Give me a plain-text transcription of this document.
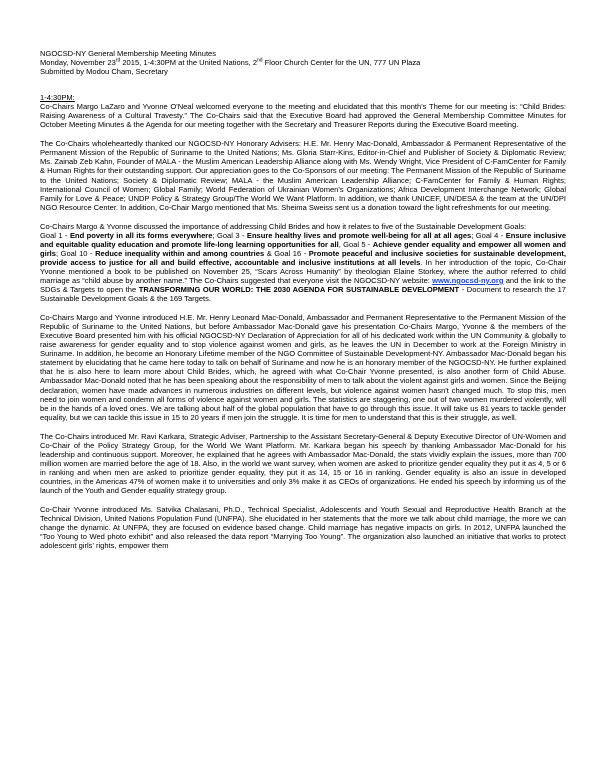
NGOCSD-NY General Membership Meeting Minutes
Monday, November 23rd 2015, 1-4:30PM at the United Nations, 2nd Floor Church Center for the UN, 777 UN Plaza
Submitted by Modou Cham, Secretary
1-4:30PM:

Co-Chairs Margo LaZaro and Yvonne O'Neal welcomed everyone to the meeting and elucidated that this month's Theme for our meeting is: “Child Brides: Raising Awareness of a Cultural Travesty.” The Co-Chairs said that the Executive Board had approved the General Membership Committee Minutes for October Meeting Minutes & the Agenda for our meeting together with the Secretary and Treasurer Reports during the Executive Board meeting.

The Co-Chairs wholeheartedly thanked our NGOCSD-NY Honorary Advisers: H.E. Mr. Henry Mac-Donald, Ambassador & Permanent Representative of the Permanent Mission of the Republic of Suriname to the United Nations; Ms. Gloria Starr-Kins, Editor-in-Chief and Publisher of Society & Diplomatic Review; Ms. Zainab Zeb Kahn, Founder of MALA - the Muslim American Leadership Alliance along with Ms. Wendy Wright, Vice President of C-FamCenter for Family & Human Rights for their outstanding support. Our appreciation goes to the Co-Sponsors of our meeting: The Permanent Mission of the Republic of Suriname to the United Nations; Society & Diplomatic Review; MALA - the Muslim American Leadership Alliance; C-FamCenter for Family & Human Rights; International Council of Women; Global Family; World Federation of Ukrainian Women's Organizations; Africa Development Interchange Network; Global Family for Love & Peace; UNDP Policy & Strategy Group/The World We Want Platform. In addition, we thank UNICEF, UN/DESA & the team at the UN/DPI NGO Resource Center. In addition, Co-Chair Margo mentioned that Ms. Sheima Sweiss sent us a donation toward the light refreshments for our meeting.

Co-Chairs Margo & Yvonne discussed the importance of addressing Child Brides and how it relates to five of the Sustainable Development Goals:
Goal 1 - End poverty in all its forms everywhere; Goal 3 - Ensure healthy lives and promote well-being for all at all ages; Goal 4 - Ensure inclusive and equitable quality education and promote life-long learning opportunities for all, Goal 5 - Achieve gender equality and empower all women and girls; Goal 10 - Reduce inequality within and among countries & Goal 16 - Promote peaceful and inclusive societies for sustainable development, provide access to justice for all and build effective, accountable and inclusive institutions at all levels. In her introduction of the topic, Co-Chair Yvonne mentioned a book to be published on November 25, “Scars Across Humanity” by theologian Elaine Storkey, where the author referred to child marriage as “child abuse by another name.” The Co-Chairs suggested that everyone visit the NGOCSD-NY website: www.ngocsd-ny.org and the link to the SDGs & Targets to open the TRANSFORMING OUR WORLD: THE 2030 AGENDA FOR SUSTAINABLE DEVELOPMENT - Document to research the 17 Sustainable Development Goals & the 169 Targets.

Co-Chairs Margo and Yvonne introduced H.E. Mr. Henry Leonard Mac-Donald, Ambassador and Permanent Representative to the Permanent Mission of the Republic of Suriname to the United Nations, but before Ambassador Mac-Donald gave his presentation Co-Chairs Margo, Yvonne & the members of the Executive Board presented him with his official NGOCSD-NY Declaration of Appreciation for all of his dedicated work within the UN Community & globally to raise awareness for gender equality and to stop violence against women and girls, as he leaves the UN in December to work at the Foreign Ministry in Suriname. In addition, he become an Honorary Lifetime member of the NGO Committee of Sustainable Development-NY. Ambassador Mac-Donald began his statement by elucidating that he came here today to talk on behalf of Suriname and now he is an honorary member of the NGOCSD-NY. He further explained that he is also here to learn more about Child Brides, which, he agreed with what Co-Chair Yvonne presented, is also another form of Child Abuse. Ambassador Mac-Donald noted that he has been speaking about the responsibility of men to talk about the violent against girls and women. Since the Beijing declaration, women have made advances in numerous industries on different levels, but violence against women hasn't changed much. To stop this, men need to join women and condemn all forms of violence against women and girls. The statistics are staggering, one out of two women murdered violently, will be in the hands of a loved ones. We are talking about half of the global population that have to go through this issue. It will take us 81 years to tackle gender equality, but we can tackle this issue in 15 to 20 years if men join the struggle. It is time for men to understand that this is their struggle, as well.

The Co-Chairs introduced Mr. Ravi Karkara, Strategic Adviser, Partnership to the Assistant Secretary-General & Deputy Executive Director of UN-Women and Co-Chair of the Policy Strategy Group, for the World We Want Platform. Mr. Karkara began his speech by thanking Ambassador Mac-Donald for his leadership and continuous support. Moreover, he explained that he agrees with Ambassador Mac-Donald, the stats vividly explain the issues, more than 700 million women are married before the age of 18. Also, in the world we want survey, when women are asked to prioritize gender equality they put it as 4, 5 or 6 in ranking and when men are asked to prioritize gender equality, they put it as 14, 15 or 16 in ranking. Gender equality is also an issue in developed countries, in the Americas 47% of women make it to universities and only 3% make it as CEOs of organizations. He ended his speech by informing us of the launch of the Youth and Gender equality strategy group.

Co-Chair Yvonne introduced Ms. Satvika Chalasani, Ph.D., Technical Specialist, Adolescents and Youth Sexual and Reproductive Health Branch at the Technical Division, United Nations Population Fund (UNFPA). She elucidated in her statements that the more we talk about child marriage, the more we can change the dynamic. At UNFPA, they are focused on evidence based change. Child marriage has negative impacts on girls. In 2012, UNFPA launched the “Too Young to Wed photo exhibit” and also released the data report “Marrying Too Young”. The organization also launched an initiative that works to protect adolescent girls' rights, empower them
